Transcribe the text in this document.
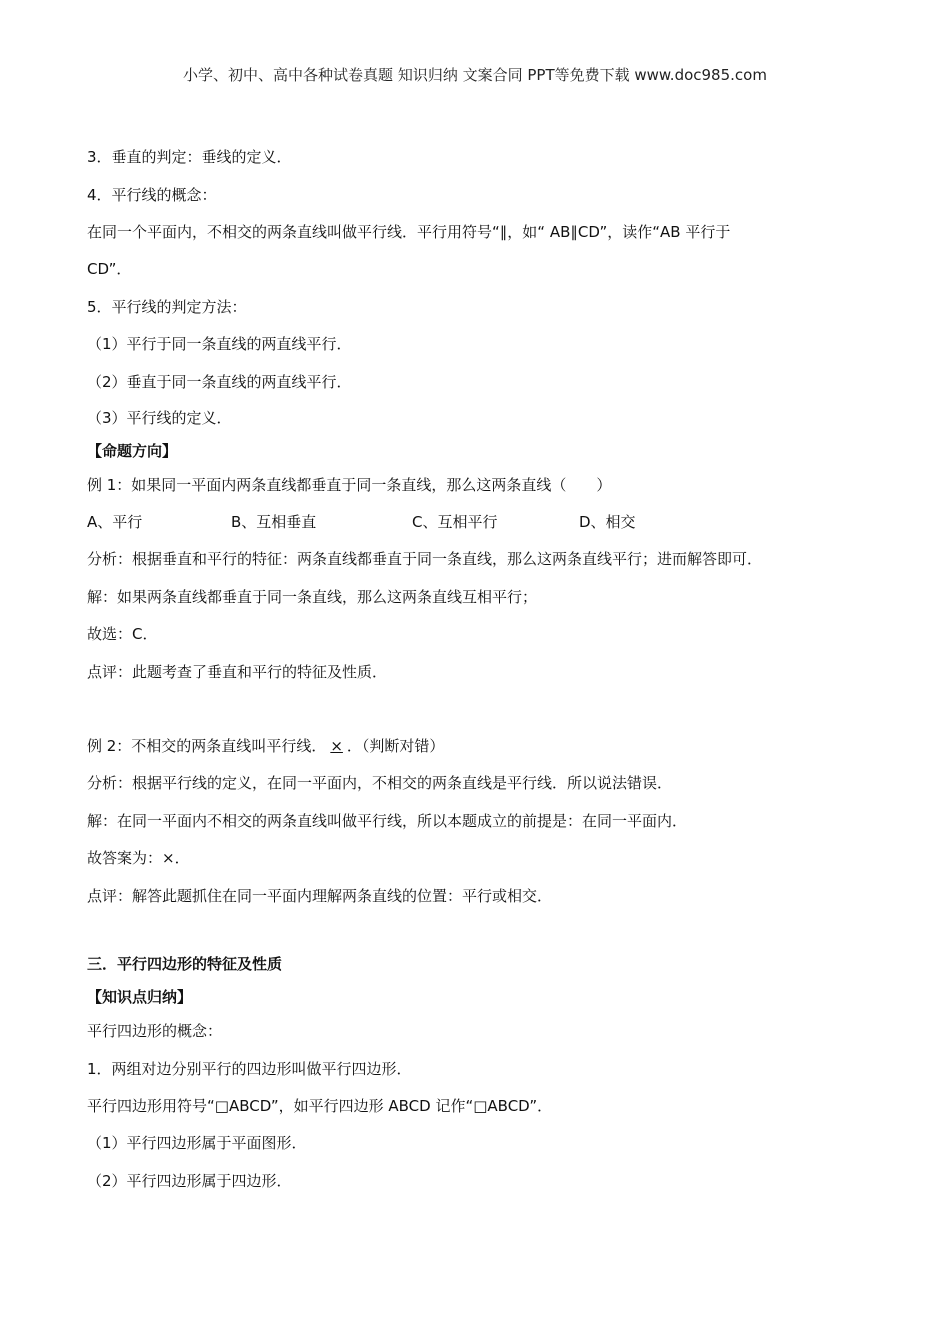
小学、初中、高中各种试卷真题 知识归纳 文案合同 PPT等免费下载 www.doc985.com
3．垂直的判定：垂线的定义．
4．平行线的概念：
在同一个平面内，不相交的两条直线叫做平行线．平行用符号“∥，如“ AB∥CD”，读作“AB 平行于
CD”．
5．平行线的判定方法：
（1）平行于同一条直线的两直线平行．
（2）垂直于同一条直线的两直线平行．
（3）平行线的定义．
【命题方向】
例 1：如果同一平面内两条直线都垂直于同一条直线，那么这两条直线（　　）
A、平行	B、互相垂直	C、互相平行	D、相交
分析：根据垂直和平行的特征：两条直线都垂直于同一条直线，那么这两条直线平行；进而解答即可．
解：如果两条直线都垂直于同一条直线，那么这两条直线互相平行；
故选：C．
点评：此题考查了垂直和平行的特征及性质．
例 2：不相交的两条直线叫平行线． × ．（判断对错）
分析：根据平行线的定义，在同一平面内，不相交的两条直线是平行线．所以说法错误．
解：在同一平面内不相交的两条直线叫做平行线，所以本题成立的前提是：在同一平面内．
故答案为：×．
点评：解答此题抓住在同一平面内理解两条直线的位置：平行或相交．
三．平行四边形的特征及性质
【知识点归纳】
平行四边形的概念：
1．两组对边分别平行的四边形叫做平行四边形．
平行四边形用符号“□ABCD”，如平行四边形 ABCD 记作“□ABCD”．
（1）平行四边形属于平面图形．
（2）平行四边形属于四边形．
